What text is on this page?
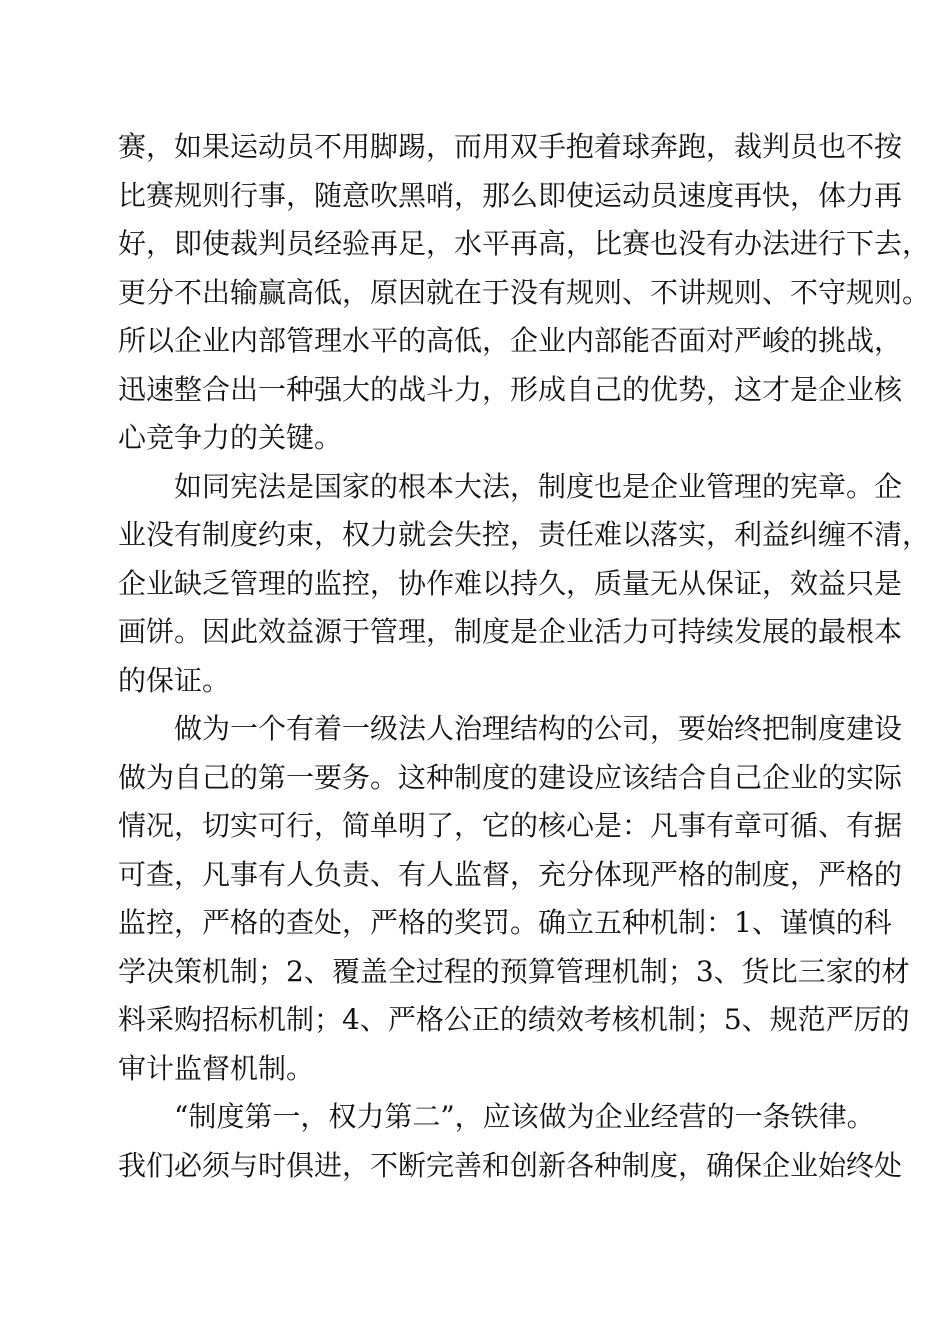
赛，如果运动员不用脚踢，而用双手抱着球奔跑，裁判员也不按
比赛规则行事，随意吹黑哨，那么即使运动员速度再快，体力再
好，即使裁判员经验再足，水平再高，比赛也没有办法进行下去，
更分不出输赢高低，原因就在于没有规则、不讲规则、不守规则。
所以企业内部管理水平的高低，企业内部能否面对严峻的挑战，
迅速整合出一种强大的战斗力，形成自己的优势，这才是企业核
心竞争力的关键。
如同宪法是国家的根本大法，制度也是企业管理的宪章。企
业没有制度约束，权力就会失控，责任难以落实，利益纠缠不清，
企业缺乏管理的监控，协作难以持久，质量无从保证，效益只是
画饼。因此效益源于管理，制度是企业活力可持续发展的最根本
的保证。
做为一个有着一级法人治理结构的公司，要始终把制度建设
做为自己的第一要务。这种制度的建设应该结合自己企业的实际
情况，切实可行，简单明了，它的核心是：凡事有章可循、有据
可查，凡事有人负责、有人监督，充分体现严格的制度，严格的
监控，严格的查处，严格的奖罚。确立五种机制：1、谨慎的科
学决策机制；2、覆盖全过程的预算管理机制；3、货比三家的材
料采购招标机制；4、严格公正的绩效考核机制；5、规范严厉的
审计监督机制。
“制度第一，权力第二”，应该做为企业经营的一条铁律。
我们必须与时俱进，不断完善和创新各种制度，确保企业始终处
